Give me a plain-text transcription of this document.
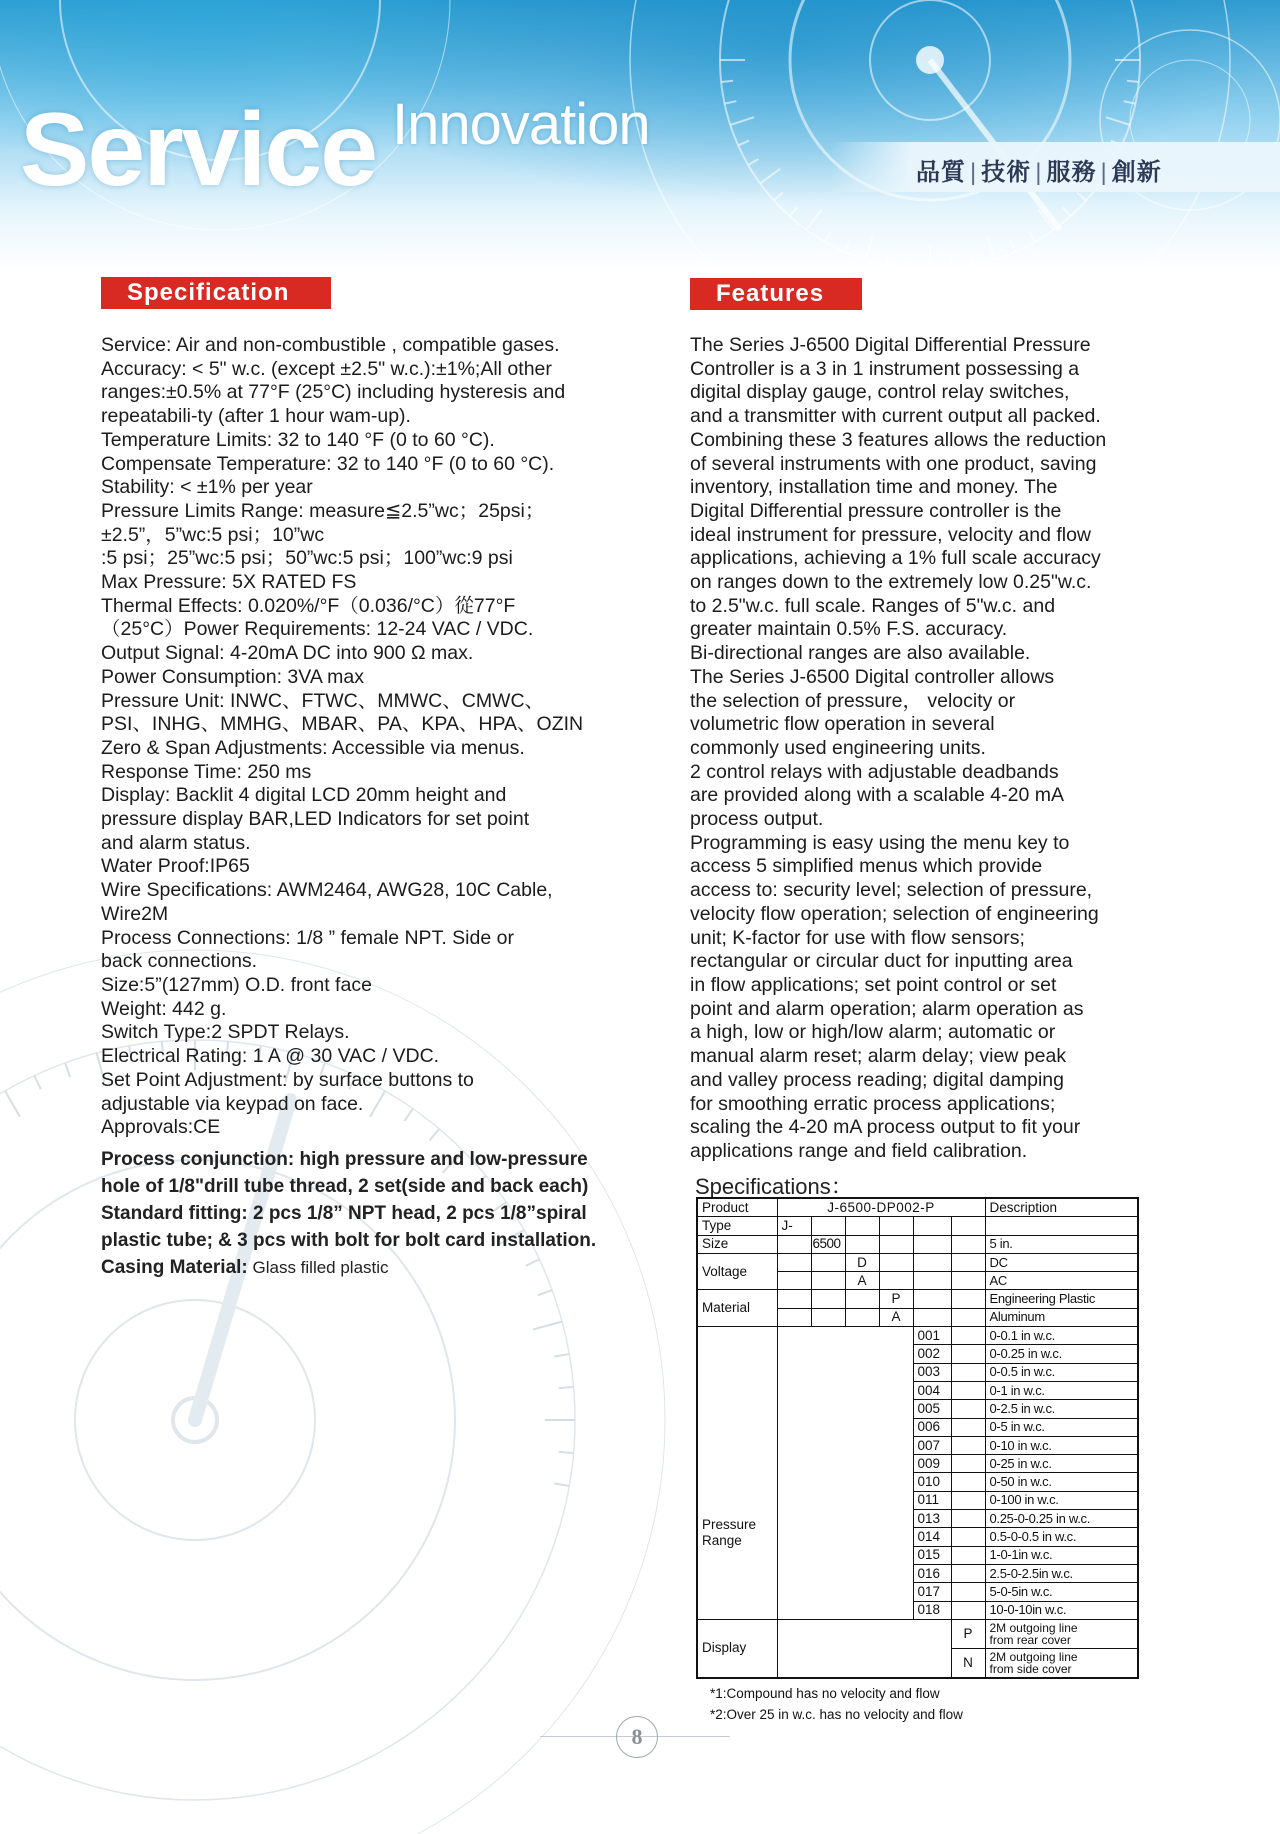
Service Innovation
品質 | 技術 | 服務 | 創新
Specification

Service: Air and non-combustible , compatible gases.

Accuracy: < 5" w.c. (except ±2.5" w.c.):±1%;All other

ranges:±0.5% at 77°F (25°C) including hysteresis and

repeatabili-ty (after 1 hour wam-up).

Temperature Limits: 32 to 140 °F (0 to 60 °C).

Compensate Temperature: 32 to 140 °F (0 to 60 °C).

Stability: < ±1% per year

Pressure Limits Range: measure≦2.5”wc；25psi；

±2.5”，5”wc:5 psi；10”wc

:5 psi；25”wc:5 psi；50”wc:5 psi；100”wc:9 psi

Max Pressure: 5X RATED FS

Thermal Effects: 0.020%/°F（0.036/°C）從77°F

（25°C）Power Requirements: 12-24 VAC / VDC.

Output Signal: 4-20mA DC into 900 Ω max.

Power Consumption: 3VA max

Pressure Unit: INWC、FTWC、MMWC、CMWC、

PSI、INHG、MMHG、MBAR、PA、KPA、HPA、OZIN

Zero & Span Adjustments: Accessible via menus.

Response Time: 250 ms

Display: Backlit 4 digital LCD 20mm height and

pressure display BAR,LED Indicators for set point

and alarm status.

Water Proof:IP65

Wire Specifications: AWM2464, AWG28, 10C Cable,

Wire2M

Process Connections: 1/8 ” female NPT. Side or

back connections.

Size:5”(127mm) O.D. front face

Weight: 442 g.

Switch Type:2 SPDT Relays.

Electrical Rating: 1 A @ 30 VAC / VDC.

Set Point Adjustment: by surface buttons to

adjustable via keypad on face.

Approvals:CE

Process conjunction: high pressure and low-pressure

hole of 1/8"drill tube thread, 2 set(side and back each)

Standard fitting: 2 pcs 1/8” NPT head, 2 pcs 1/8”spiral

plastic tube; & 3 pcs with bolt for bolt card installation.

Casing Material: Glass filled plastic

Features

The Series J-6500 Digital Differential Pressure

Controller is a 3 in 1 instrument possessing a

digital display gauge, control relay switches,

and a transmitter with current output all packed.

Combining these 3 features allows the reduction

of several instruments with one product, saving

inventory, installation time and money. The

Digital Differential pressure controller is the

ideal instrument for pressure, velocity and flow

applications, achieving a 1% full scale accuracy

on ranges down to the extremely low 0.25"w.c.

to 2.5"w.c. full scale. Ranges of 5"w.c. and

greater maintain 0.5% F.S. accuracy.

Bi-directional ranges are also available.

The Series J-6500 Digital controller allows

the selection of pressure， velocity or

volumetric flow operation in several

commonly used engineering units.

2 control relays with adjustable deadbands

are provided along with a scalable 4-20 mA

process output.

Programming is easy using the menu key to

access 5 simplified menus which provide

access to: security level; selection of pressure,

velocity flow operation; selection of engineering

unit; K-factor for use with flow sensors;

rectangular or circular duct for inputting area

in flow applications; set point control or set

point and alarm operation; alarm operation as

a high, low or high/low alarm; automatic or

manual alarm reset; alarm delay; view peak

and valley process reading; digital damping

for smoothing erratic process applications;

scaling the 4-20 mA process output to fit your

applications range and field calibration.

Specifications：
Product	J-6500-DP002-P						Description
Type	J-						
Size		6500					5 in.
Voltage			D				DC
			A				AC
Material				P			Engineering Plastic
				A			Aluminum

Pressure
Range					001		0-0.1 in w.c.
					002		0-0.25 in w.c.
					003		0-0.5 in w.c.
					004		0-1 in w.c.
					005		0-2.5 in w.c.
					006		0-5 in w.c.
					007		0-10 in w.c.
					009		0-25 in w.c.
					010		0-50 in w.c.
					011		0-100 in w.c.
					013		0.25-0-0.25 in w.c.
					014		0.5-0-0.5 in w.c.
					015		1-0-1in w.c.
					016		2.5-0-2.5in w.c.
					017		5-0-5in w.c.
					018		10-0-10in w.c.
Display						P	2M outgoing line
from rear cover

						N	2M outgoing line
from side cover

*1:Compound has no velocity and flow

*2:Over 25 in w.c. has no velocity and flow

8
